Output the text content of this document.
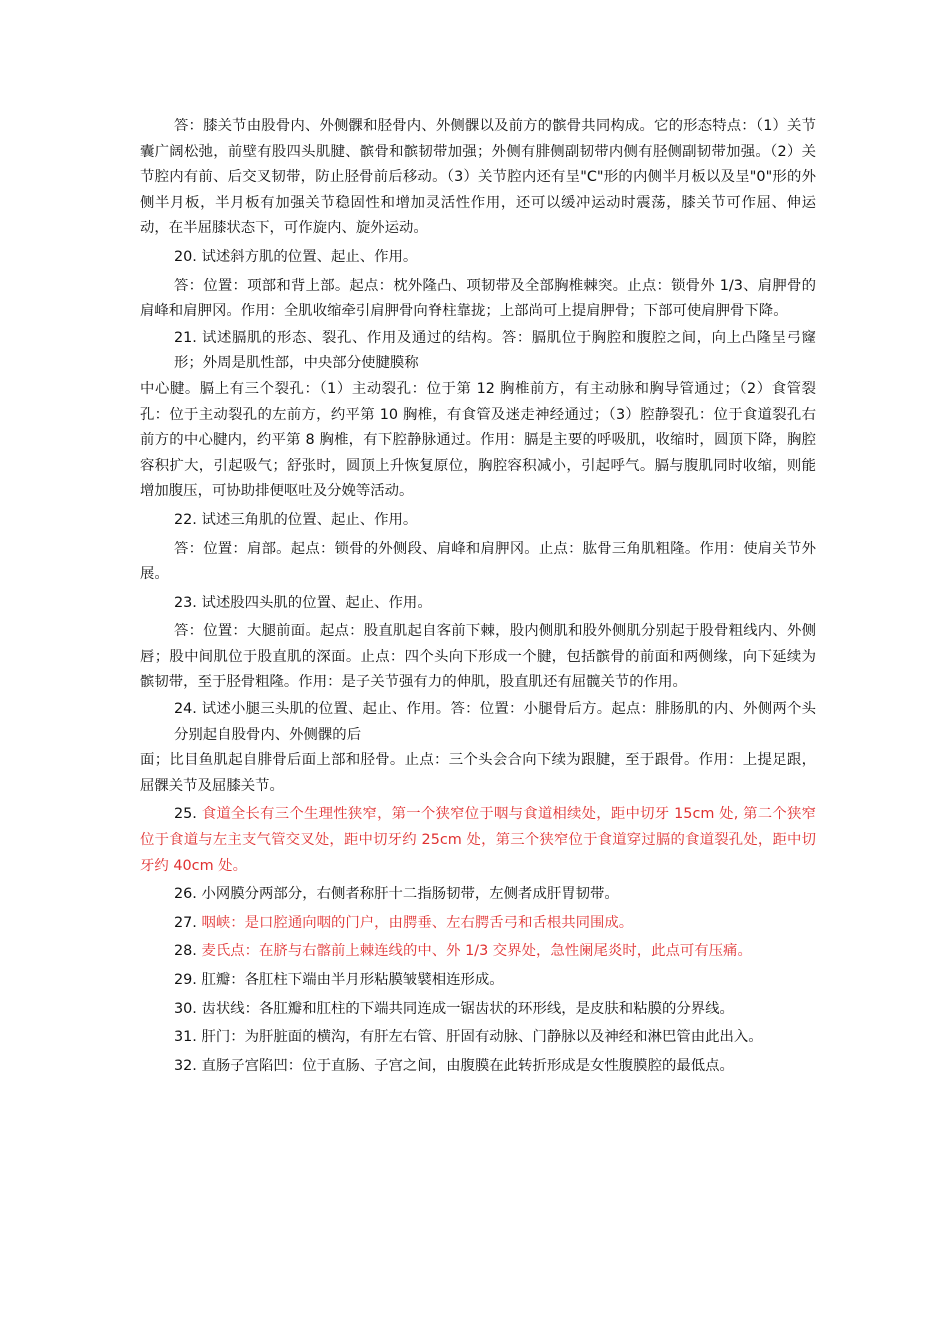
答：膝关节由股骨内、外侧髁和胫骨内、外侧髁以及前方的髌骨共同构成。它的形态特点：（1）关节囊广阔松弛，前壁有股四头肌腱、髌骨和髌韧带加强；外侧有腓侧副韧带内侧有胫侧副韧带加强。（2）关节腔内有前、后交叉韧带，防止胫骨前后移动。（3）关节腔内还有呈"C"形的内侧半月板以及呈"0"形的外侧半月板，半月板有加强关节稳固性和增加灵活性作用，还可以缓冲运动时震荡，膝关节可作屈、伸运动，在半屈膝状态下，可作旋内、旋外运动。

20. 试述斜方肌的位置、起止、作用。

答：位置：项部和背上部。起点：枕外隆凸、项韧带及全部胸椎棘突。止点：锁骨外 1/3、肩胛骨的肩峰和肩胛冈。作用：全肌收缩牵引肩胛骨向脊柱靠拢；上部尚可上提肩胛骨；下部可使肩胛骨下降。

21. 试述膈肌的形态、裂孔、作用及通过的结构。答：膈肌位于胸腔和腹腔之间，向上凸隆呈弓窿形；外周是肌性部，中央部分使腱膜称

中心腱。膈上有三个裂孔：（1）主动裂孔：位于第 12 胸椎前方，有主动脉和胸导管通过；（2）食管裂孔：位于主动裂孔的左前方，约平第 10 胸椎，有食管及迷走神经通过；（3）腔静裂孔：位于食道裂孔右前方的中心腱内，约平第 8 胸椎，有下腔静脉通过。作用：膈是主要的呼吸肌，收缩时，圆顶下降，胸腔容积扩大，引起吸气；舒张时，圆顶上升恢复原位，胸腔容积减小，引起呼气。膈与腹肌同时收缩，则能增加腹压，可协助排便呕吐及分娩等活动。

22. 试述三角肌的位置、起止、作用。

答：位置：肩部。起点：锁骨的外侧段、肩峰和肩胛冈。止点：肱骨三角肌粗隆。作用：使肩关节外展。

23. 试述股四头肌的位置、起止、作用。

答：位置：大腿前面。起点：股直肌起自客前下棘，股内侧肌和股外侧肌分别起于股骨粗线内、外侧唇；股中间肌位于股直肌的深面。止点：四个头向下形成一个腱，包括髌骨的前面和两侧缘，向下延续为髌韧带，至于胫骨粗隆。作用：是子关节强有力的伸肌，股直肌还有屈髋关节的作用。

24. 试述小腿三头肌的位置、起止、作用。答：位置：小腿骨后方。起点：腓肠肌的内、外侧两个头分别起自股骨内、外侧髁的后

面；比目鱼肌起自腓骨后面上部和胫骨。止点：三个头会合向下续为跟腱，至于跟骨。作用：上提足跟，屈髁关节及屈膝关节。

25. 食道全长有三个生理性狭窄，第一个狭窄位于咽与食道相续处，距中切牙 15cm 处, 第二个狭窄位于食道与左主支气管交叉处，距中切牙约 25cm 处，第三个狭窄位于食道穿过膈的食道裂孔处，距中切牙约 40cm 处。

26. 小网膜分两部分，右侧者称肝十二指肠韧带，左侧者成肝胃韧带。

27. 咽峡：是口腔通向咽的门户，由腭垂、左右腭舌弓和舌根共同围成。

28. 麦氏点：在脐与右髂前上棘连线的中、外 1/3 交界处，急性阑尾炎时，此点可有压痛。

29. 肛瓣：各肛柱下端由半月形粘膜皱襞相连形成。

30. 齿状线：各肛瓣和肛柱的下端共同连成一锯齿状的环形线，是皮肤和粘膜的分界线。

31. 肝门：为肝脏面的横沟，有肝左右管、肝固有动脉、门静脉以及神经和淋巴管由此出入。

32. 直肠子宫陷凹：位于直肠、子宫之间，由腹膜在此转折形成是女性腹膜腔的最低点。
